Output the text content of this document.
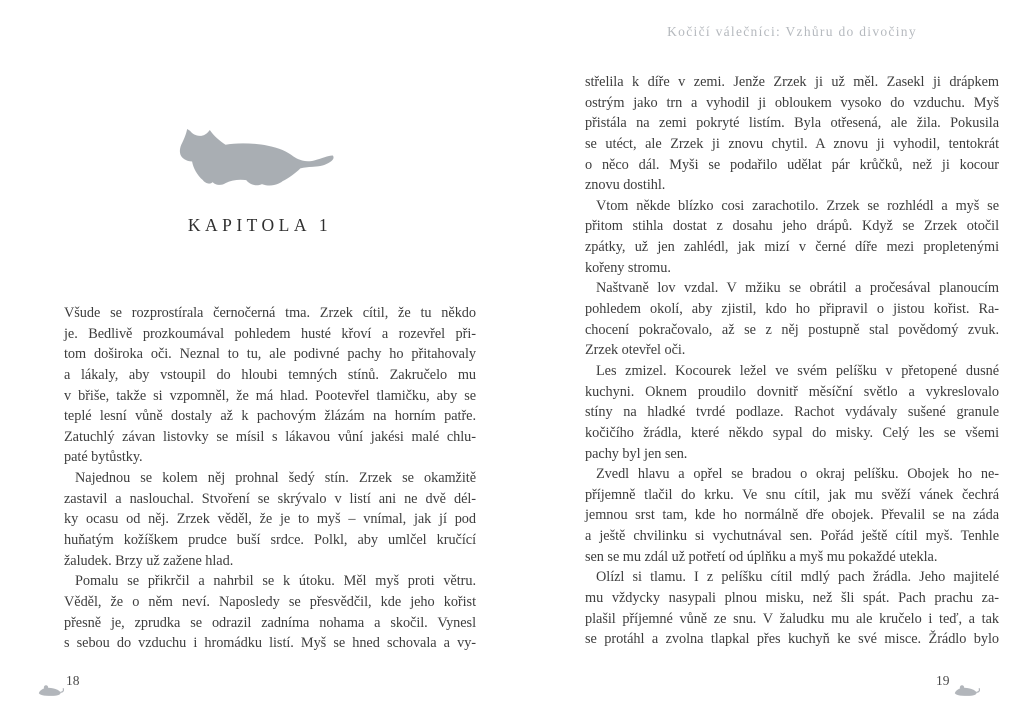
KAPITOLA 1
Všude se rozprostírala černočerná tma. Zrzek cítil, že tu někdo
je. Bedlivě prozkoumával pohledem husté křoví a rozevřel při-
tom doširoka oči. Neznal to tu, ale podivné pachy ho přitahovaly
a lákaly, aby vstoupil do hloubi temných stínů. Zakručelo mu
v břiše, takže si vzpomněl, že má hlad. Pootevřel tlamičku, aby se
teplé lesní vůně dostaly až k pachovým žlázám na horním patře.
Zatuchlý závan listovky se mísil s lákavou vůní jakési malé chlu-
paté bytůstky.
Najednou se kolem něj prohnal šedý stín. Zrzek se okamžitě
zastavil a naslouchal. Stvoření se skrývalo v listí ani ne dvě dél-
ky ocasu od něj. Zrzek věděl, že je to myš – vnímal, jak jí pod
huňatým kožíškem prudce buší srdce. Polkl, aby umlčel kručící
žaludek. Brzy už zažene hlad.
Pomalu se přikrčil a nahrbil se k útoku. Měl myš proti větru.
Věděl, že o něm neví. Naposledy se přesvědčil, kde jeho kořist
přesně je, zprudka se odrazil zadníma nohama a skočil. Vynesl
s sebou do vzduchu i hromádku listí. Myš se hned schovala a vy-
Kočičí válečníci: Vzhůru do divočiny
střelila k díře v zemi. Jenže Zrzek ji už měl. Zasekl ji drápkem
ostrým jako trn a vyhodil ji obloukem vysoko do vzduchu. Myš
přistála na zemi pokryté listím. Byla otřesená, ale žila. Pokusila
se utéct, ale Zrzek ji znovu chytil. A znovu ji vyhodil, tentokrát
o něco dál. Myši se podařilo udělat pár krůčků, než ji kocour
znovu dostihl.
Vtom někde blízko cosi zarachotilo. Zrzek se rozhlédl a myš se
přitom stihla dostat z dosahu jeho drápů. Když se Zrzek otočil
zpátky, už jen zahlédl, jak mizí v černé díře mezi propletenými
kořeny stromu.
Naštvaně lov vzdal. V mžiku se obrátil a pročesával planoucím
pohledem okolí, aby zjistil, kdo ho připravil o jistou kořist. Ra-
chocení pokračovalo, až se z něj postupně stal povědomý zvuk.
Zrzek otevřel oči.
Les zmizel. Kocourek ležel ve svém pelíšku v přetopené dusné
kuchyni. Oknem proudilo dovnitř měsíční světlo a vykreslovalo
stíny na hladké tvrdé podlaze. Rachot vydávaly sušené granule
kočičího žrádla, které někdo sypal do misky. Celý les se všemi
pachy byl jen sen.
Zvedl hlavu a opřel se bradou o okraj pelíšku. Obojek ho ne-
příjemně tlačil do krku. Ve snu cítil, jak mu svěží vánek čechrá
jemnou srst tam, kde ho normálně dře obojek. Převalil se na záda
a ještě chvilinku si vychutnával sen. Pořád ještě cítil myš. Tenhle
sen se mu zdál už potřetí od úplňku a myš mu pokaždé utekla.
Olízl si tlamu. I z pelíšku cítil mdlý pach žrádla. Jeho majitelé
mu vždycky nasypali plnou misku, než šli spát. Pach prachu za-
plašil příjemné vůně ze snu. V žaludku mu ale kručelo i teď, a tak
se protáhl a zvolna tlapkal přes kuchyň ke své misce. Žrádlo bylo
18	19
